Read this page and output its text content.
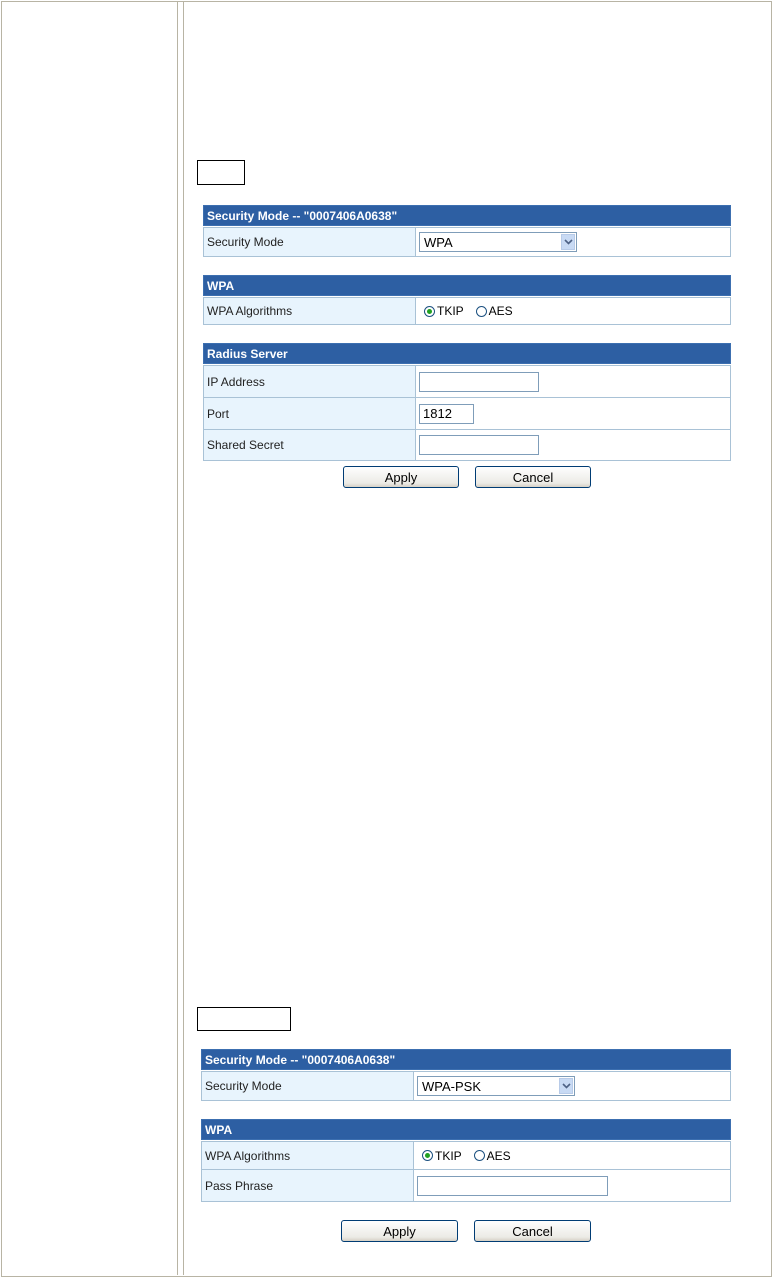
Security Mode -- "0007406A0638"
Security Mode	WPA
WPA
WPA Algorithms	TKIP AES
Radius Server
IP Address
Port	1812
Shared Secret
Apply	Cancel
Security Mode -- "0007406A0638"
Security Mode	WPA-PSK
WPA
WPA Algorithms	TKIP AES
Pass Phrase
Apply	Cancel
